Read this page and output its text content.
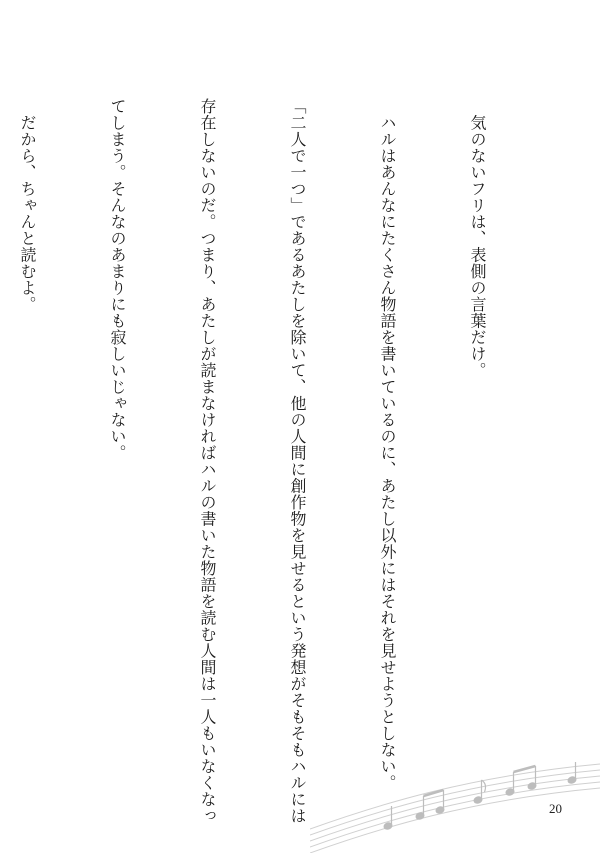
　気のないフリは、表側の言葉だけ。

　ハルはあんなにたくさん物語を書いているのに、あたし以外にはそれを見せようとしない。

「二人で一つ」であるあたしを除いて、他の人間に創作物を見せるという発想がそもそもハルには

存在しないのだ。つまり、あたしが読まなければハルの書いた物語を読む人間は一人もいなくなっ

てしまう。そんなのあまりにも寂しいじゃない。

　だから、ちゃんと読むよ。

20
